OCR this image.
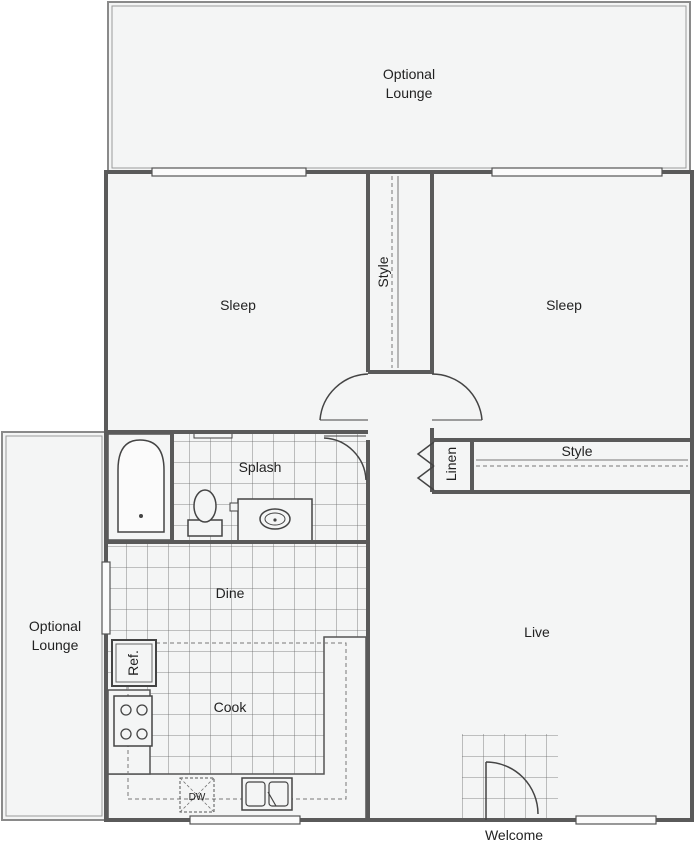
Optional
Lounge
Sleep	Sleep
Style
Style
Splash	Linen
Dine
Cook
Ref.
DW
Live
Optional
Lounge
Welcome
